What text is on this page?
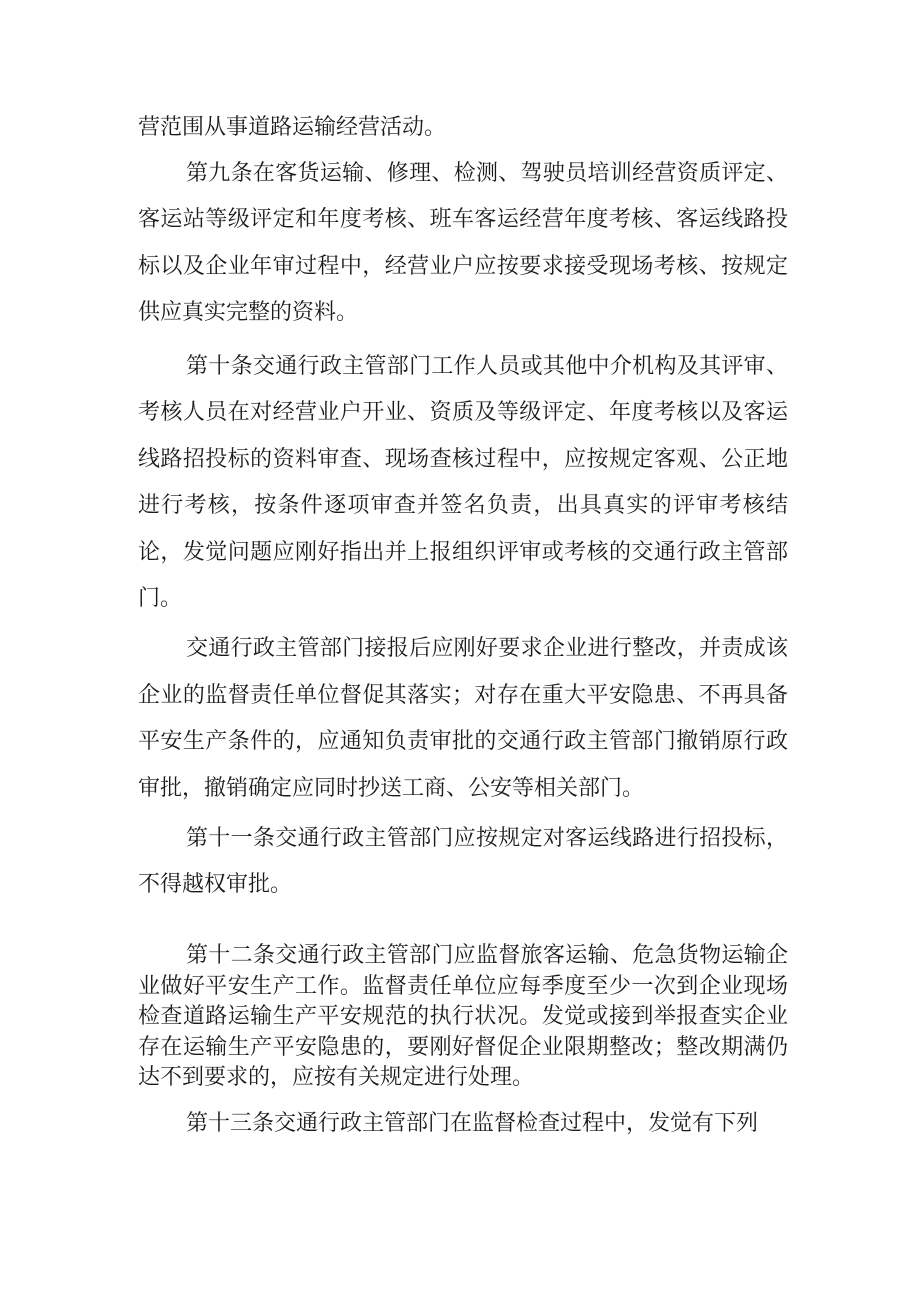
营范围从事道路运输经营活动。

第九条在客货运输、修理、检测、驾驶员培训经营资质评定、客运站等级评定和年度考核、班车客运经营年度考核、客运线路投标以及企业年审过程中，经营业户应按要求接受现场考核、按规定供应真实完整的资料。

第十条交通行政主管部门工作人员或其他中介机构及其评审、考核人员在对经营业户开业、资质及等级评定、年度考核以及客运线路招投标的资料审查、现场查核过程中，应按规定客观、公正地进行考核，按条件逐项审查并签名负责，出具真实的评审考核结论，发觉问题应刚好指出并上报组织评审或考核的交通行政主管部门。

交通行政主管部门接报后应刚好要求企业进行整改，并责成该企业的监督责任单位督促其落实；对存在重大平安隐患、不再具备平安生产条件的，应通知负责审批的交通行政主管部门撤销原行政审批，撤销确定应同时抄送工商、公安等相关部门。

第十一条交通行政主管部门应按规定对客运线路进行招投标，不得越权审批。

第十二条交通行政主管部门应监督旅客运输、危急货物运输企业做好平安生产工作。监督责任单位应每季度至少一次到企业现场检查道路运输生产平安规范的执行状况。发觉或接到举报查实企业存在运输生产平安隐患的，要刚好督促企业限期整改；整改期满仍达不到要求的，应按有关规定进行处理。

第十三条交通行政主管部门在监督检查过程中，发觉有下列
